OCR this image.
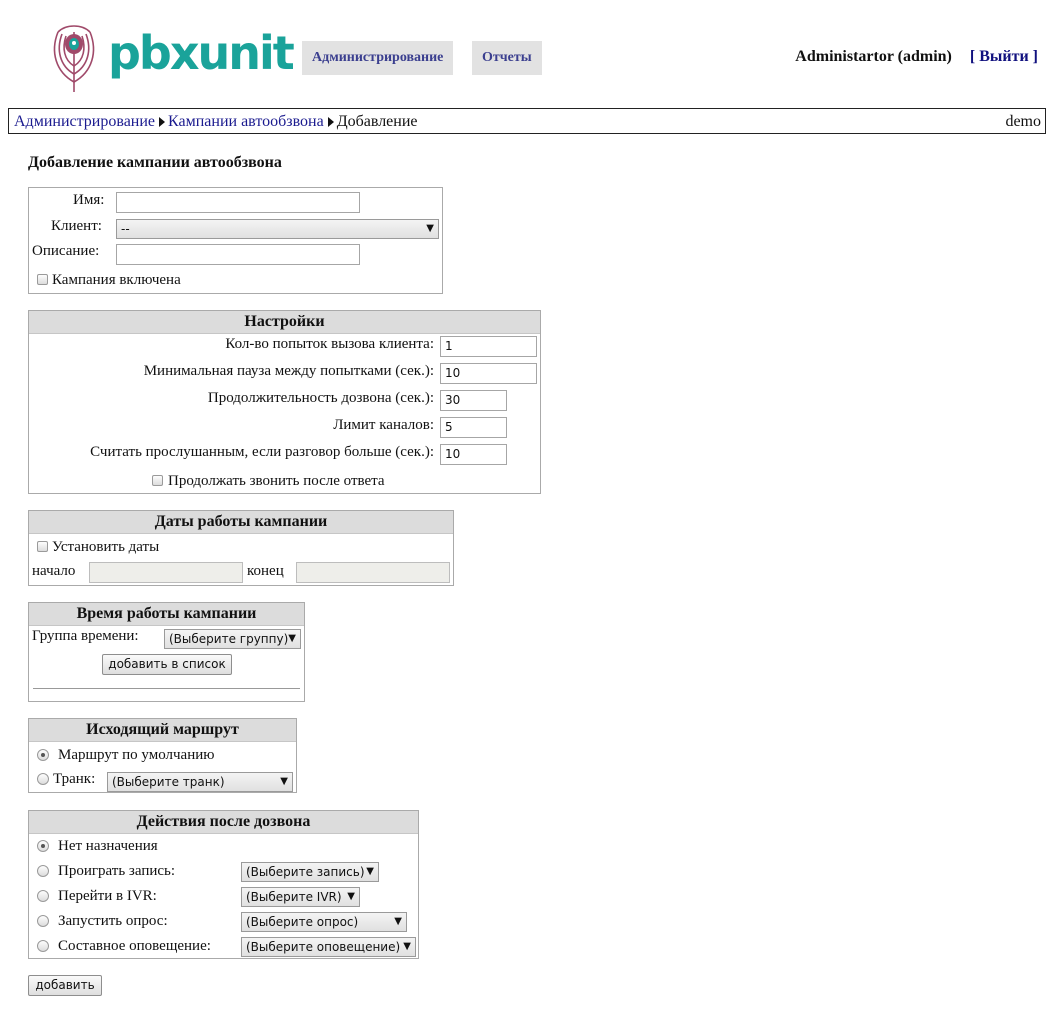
pbxunit	Администрирование	Отчеты	Administartor (admin) [ Выйти ]
Администрирование Кампании автообзвона Добавление	demo
Добавление кампании автообзвона
Имя:
Клиент:	--	▼
Описание:
Кампания включена
Настройки
Кол-во попыток вызова клиента: 1
Минимальная пауза между попытками (сек.): 10
Продолжительность дозвона (сек.): 30
Лимит каналов: 5
Считать прослушанным, если разговор больше (сек.): 10
Продолжать звонить после ответа
Даты работы кампании
Установить даты
начало	конец
Время работы кампании
Группа времени:	(Выберите группу) ▼
добавить в список
Исходящий маршрут
Маршрут по умолчанию
Транк:	(Выберите транк)	▼
Действия после дозвона
Нет назначения
Проиграть запись:	(Выберите запись) ▼
Перейти в IVR:	(Выберите IVR) ▼
Запустить опрос:	(Выберите опрос)	▼
Составное оповещение:	(Выберите оповещение) ▼
добавить
